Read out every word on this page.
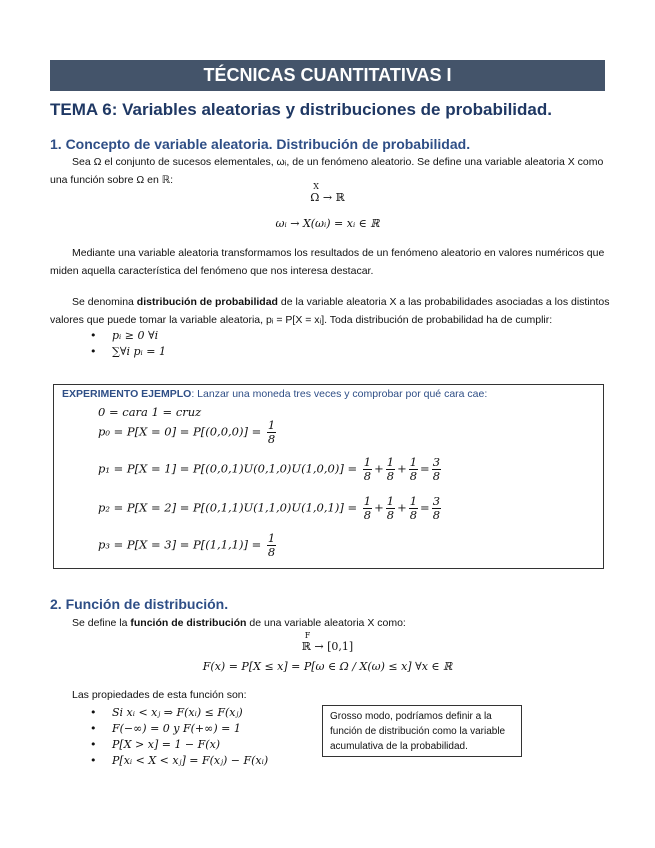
TÉCNICAS CUANTITATIVAS I
TEMA 6: Variables aleatorias y distribuciones de probabilidad.
1. Concepto de variable aleatoria. Distribución de probabilidad.
Sea Ω el conjunto de sucesos elementales, ωᵢ, de un fenómeno aleatorio. Se define una variable aleatoria X como una función sobre Ω en ℝ:
X
Ω → ℝ
ωᵢ → X(ωᵢ) = xᵢ ∈ ℝ
Mediante una variable aleatoria transformamos los resultados de un fenómeno aleatorio en valores numéricos que miden aquella característica del fenómeno que nos interesa destacar.
Se denomina distribución de probabilidad de la variable aleatoria X a las probabilidades asociadas a los distintos valores que puede tomar la variable aleatoria, pᵢ = P[X = xᵢ]. Toda distribución de probabilidad ha de cumplir:
• pᵢ ≥ 0 ∀i
• ∑∀i pᵢ = 1
EXPERIMENTO EJEMPLO: Lanzar una moneda tres veces y comprobar por qué cara cae:
0 = cara 1 = cruz
$p_0 = P[X = 0] = P[(0,0,0)] = \frac{1}{8}$
$p_1 = P[X = 1] = P[(0,0,1)U(0,1,0)U(1,0,0)] = \frac{1}{8} + \frac{1}{8} + \frac{1}{8} = \frac{3}{8}$
$p_2 = P[X = 2] = P[(0,1,1)U(1,1,0)U(1,0,1)] = \frac{1}{8} + \frac{1}{8} + \frac{1}{8} = \frac{3}{8}$
$p_3 = P[X = 3] = P[(1,1,1)] = \frac{1}{8}$
2. Función de distribución.
Se define la función de distribución de una variable aleatoria X como:
F
ℝ → [0,1]
F(x) = P[X ≤ x] = P[ω ∈ Ω / X(ω) ≤ x] ∀x ∈ ℝ
Las propiedades de esta función son:
• Si xᵢ < xⱼ ⇒ F(xᵢ) ≤ F(xⱼ)
• F(−∞) = 0 y F(+∞) = 1
• P[X > x] = 1 − F(x)
• P[xᵢ < X < xⱼ] = F(xⱼ) − F(xᵢ)
Grosso modo, podríamos definir a la función de distribución como la variable acumulativa de la probabilidad.
